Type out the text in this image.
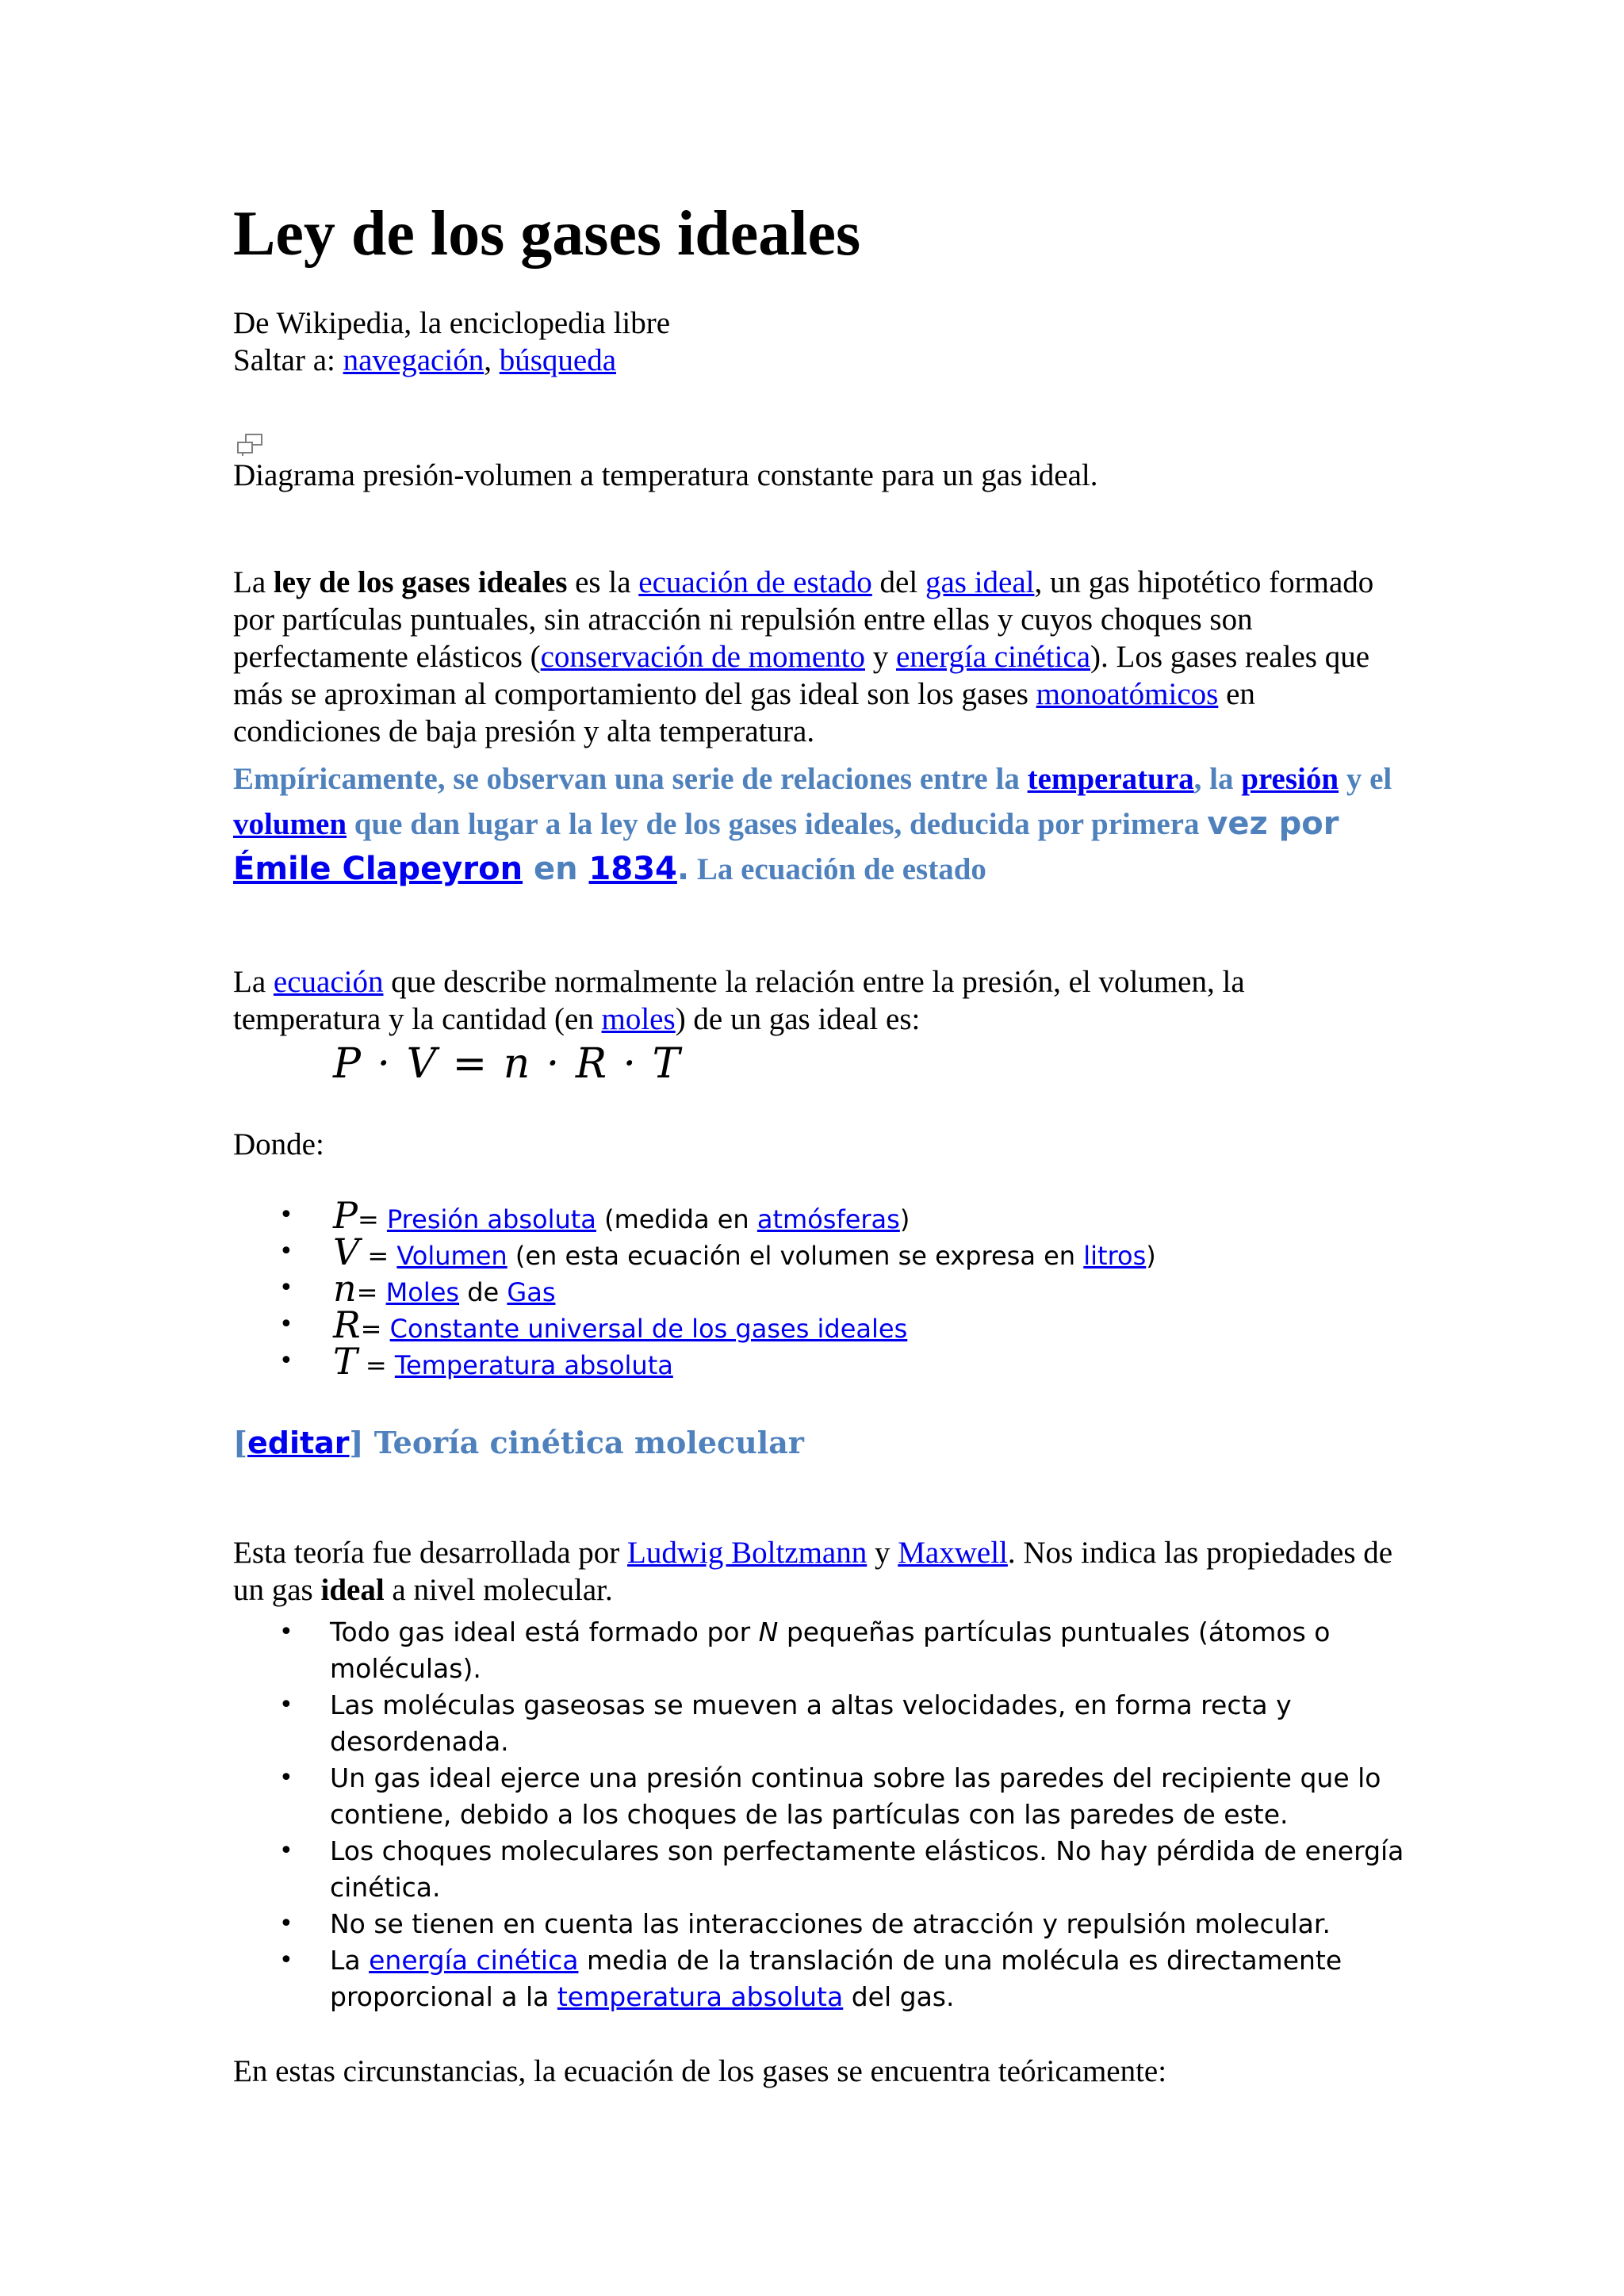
Ley de los gases ideales
De Wikipedia, la enciclopedia libre
Saltar a: navegación, búsqueda
Diagrama presión-volumen a temperatura constante para un gas ideal.

La ley de los gases ideales es la ecuación de estado del gas ideal, un gas hipotético formado por partículas puntuales, sin atracción ni repulsión entre ellas y cuyos choques son perfectamente elásticos (conservación de momento y energía cinética). Los gases reales que más se aproximan al comportamiento del gas ideal son los gases monoatómicos en condiciones de baja presión y alta temperatura.

Empíricamente, se observan una serie de relaciones entre la temperatura, la presión y el volumen que dan lugar a la ley de los gases ideales, deducida por primera vez por Émile Clapeyron en 1834. La ecuación de estado

La ecuación que describe normalmente la relación entre la presión, el volumen, la temperatura y la cantidad (en moles) de un gas ideal es:

P · V = n · R · T
Donde:
• P= Presión absoluta (medida en atmósferas)
• V = Volumen (en esta ecuación el volumen se expresa en litros)
• n= Moles de Gas
• R= Constante universal de los gases ideales
• T = Temperatura absoluta
[editar] Teoría cinética molecular

Esta teoría fue desarrollada por Ludwig Boltzmann y Maxwell. Nos indica las propiedades de un gas ideal a nivel molecular.

• Todo gas ideal está formado por N pequeñas partículas puntuales (átomos o moléculas).
• Las moléculas gaseosas se mueven a altas velocidades, en forma recta y desordenada.
• Un gas ideal ejerce una presión continua sobre las paredes del recipiente que lo contiene, debido a los choques de las partículas con las paredes de este.
• Los choques moleculares son perfectamente elásticos. No hay pérdida de energía cinética.
• No se tienen en cuenta las interacciones de atracción y repulsión molecular.
• La energía cinética media de la translación de una molécula es directamente proporcional a la temperatura absoluta del gas.

En estas circunstancias, la ecuación de los gases se encuentra teóricamente:
